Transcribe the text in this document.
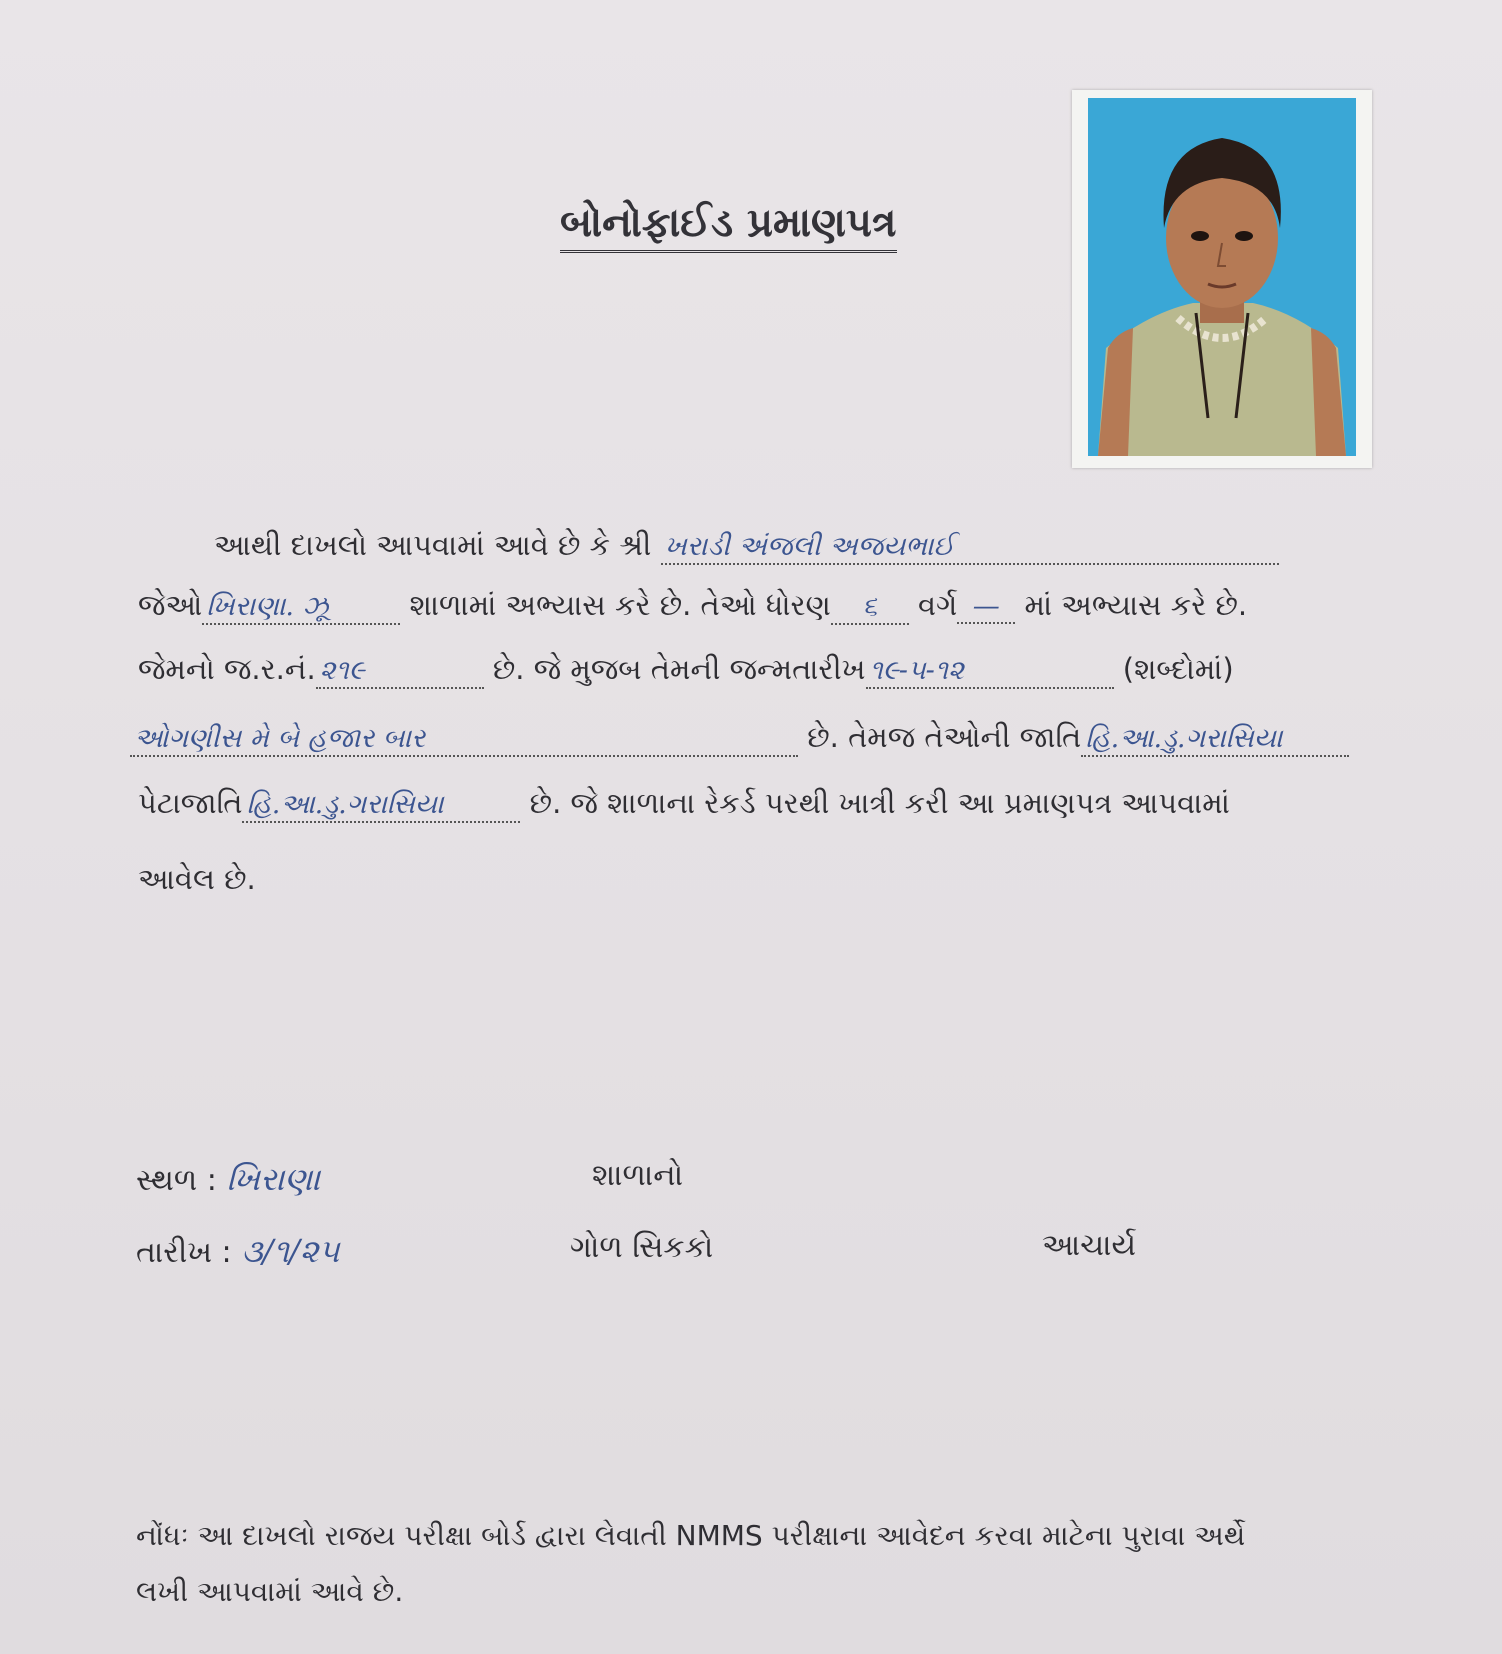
બોનોફાઈડ પ્રમાણપત્ર
આથી દાખલો આપવામાં આવે છે કે શ્રી ખરાડી અંજલી અજયભાઈ
જેઓ ખિરાણા. ઝૂ	શાળામાં અભ્યાસ કરે છે. તેઓ ધોરણ ૬ વર્ગ — માં અભ્યાસ કરે છે.
જેમનો જ.ર.નં. ૨૧૯	છે. જે મુજબ તેમની જન્મતારીખ ૧૯-૫-૧૨	(શબ્દોમાં)
ઓગણીસ મે બે હજાર બાર	છે. તેમજ તેઓની જાતિ હિ.આ.ડુ.ગરાસિયા
પેટાજાતિ હિ.આ.ડુ.ગરાસિયા	છે. જે શાળાના રેકર્ડ પરથી ખાત્રી કરી આ પ્રમાણપત્ર આપવામાં
આવેલ છે.
સ્થળ : ખિરાણા
તારીખ : ૩/૧/૨૫
શાળાનો
ગોળ સિકકો	આચાર્ય
નોંધઃ આ દાખલો રાજય પરીક્ષા બોર્ડ દ્વારા લેવાતી NMMS પરીક્ષાના આવેદન કરવા માટેના પુરાવા અર્થે લખી આપવામાં આવે છે.
